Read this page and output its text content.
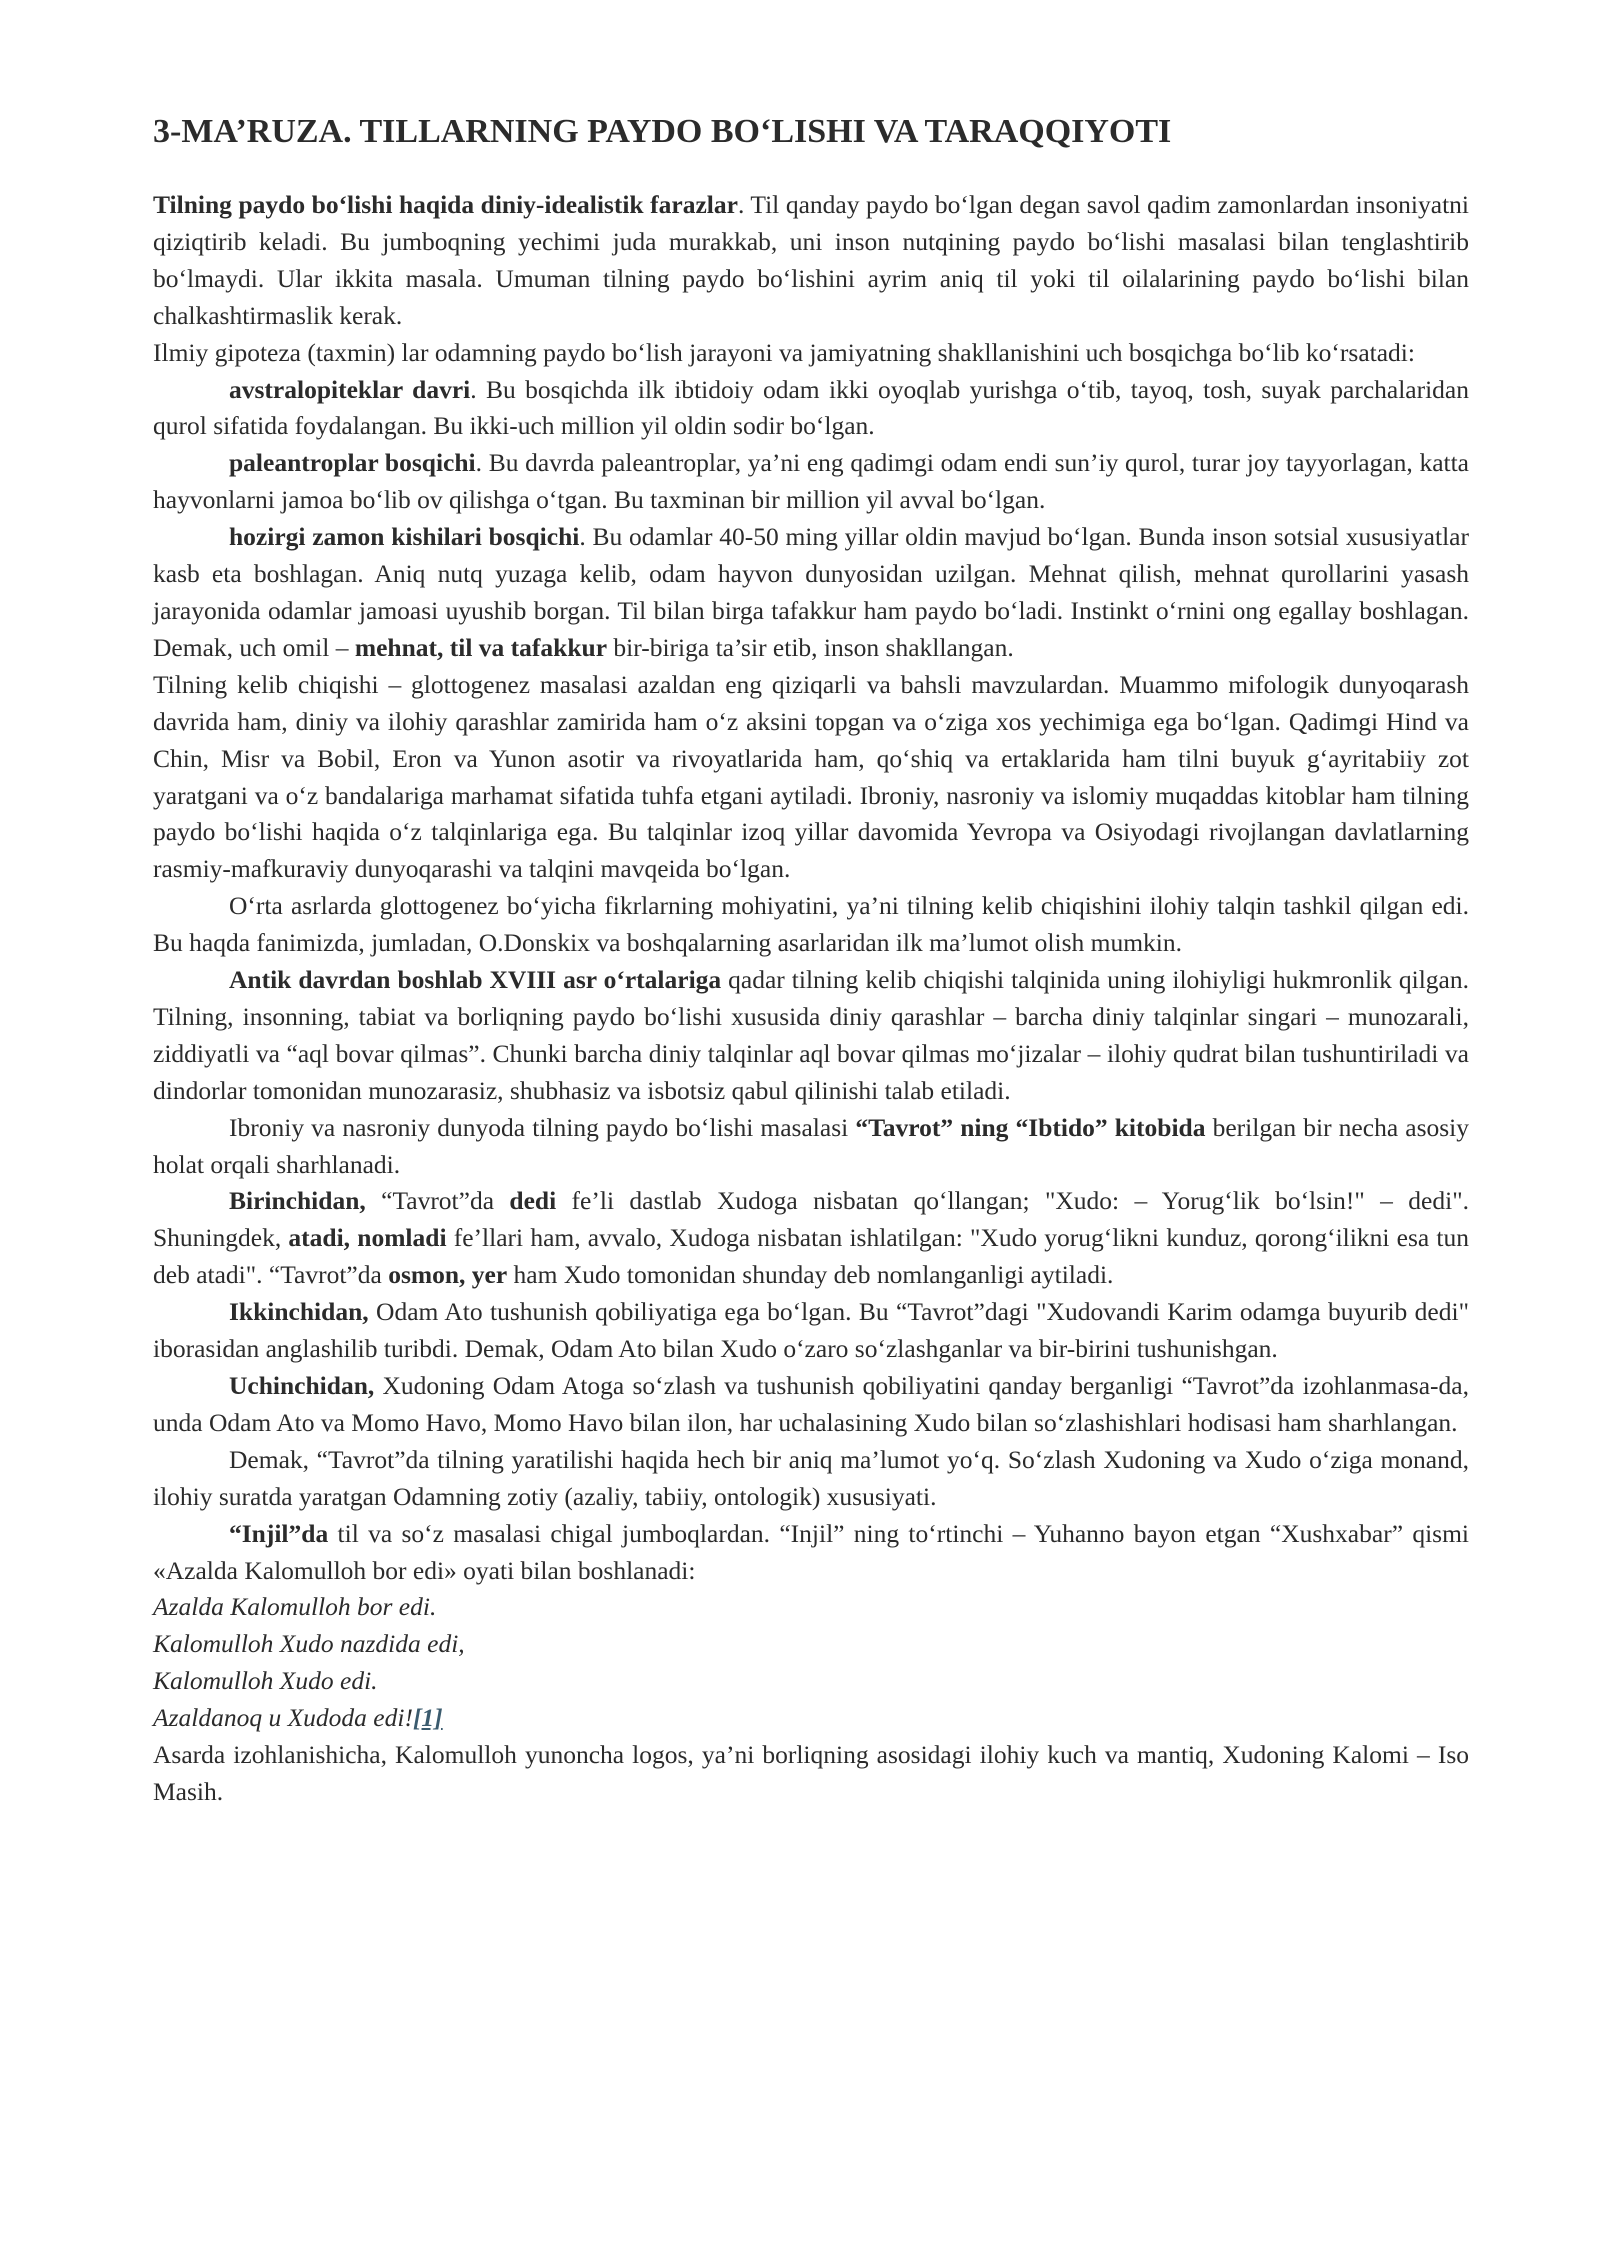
3-MA’RUZA. TILLARNING PAYDO BO‘LISHI VA TARAQQIYOTI

Tilning paydo bo‘lishi haqida diniy-idealistik farazlar. Til qanday paydo bo‘lgan degan savol qadim zamonlardan insoniyatni qiziqtirib keladi. Bu jumboqning yechimi juda murakkab, uni inson nutqining paydo bo‘lishi masalasi bilan tenglashtirib bo‘lmaydi. Ular ikkita masala. Umuman tilning paydo bo‘lishini ayrim aniq til yoki til oilalarining paydo bo‘lishi bilan chalkashtirmaslik kerak.

Ilmiy gipoteza (taxmin) lar odamning paydo bo‘lish jarayoni va jamiyatning shakllanishini uch bosqichga bo‘lib ko‘rsatadi:

avstralopiteklar davri. Bu bosqichda ilk ibtidoiy odam ikki oyoqlab yurishga o‘tib, tayoq, tosh, suyak parchalaridan qurol sifatida foydalangan. Bu ikki-uch million yil oldin sodir bo‘lgan.

paleantroplar bosqichi. Bu davrda paleantroplar, ya’ni eng qadimgi odam endi sun’iy qurol, turar joy tayyorlagan, katta hayvonlarni jamoa bo‘lib ov qilishga o‘tgan. Bu taxminan bir million yil avval bo‘lgan.

hozirgi zamon kishilari bosqichi. Bu odamlar 40-50 ming yillar oldin mavjud bo‘lgan. Bunda inson sotsial xususiyatlar kasb eta boshlagan. Aniq nutq yuzaga kelib, odam hayvon dunyosidan uzilgan. Mehnat qilish, mehnat qurollarini yasash jarayonida odamlar jamoasi uyushib borgan. Til bilan birga tafakkur ham paydo bo‘ladi. Instinkt o‘rnini ong egallay boshlagan. Demak, uch omil – mehnat, til va tafakkur bir-biriga ta’sir etib, inson shakllangan.

Tilning kelib chiqishi – glottogenez masalasi azaldan eng qiziqarli va bahsli mavzulardan. Muammo mifologik dunyoqarash davrida ham, diniy va ilohiy qarashlar zamirida ham o‘z aksini topgan va o‘ziga xos yechimiga ega bo‘lgan. Qadimgi Hind va Chin, Misr va Bobil, Eron va Yunon asotir va rivoyatlarida ham, qo‘shiq va ertaklarida ham tilni buyuk g‘ayritabiiy zot yaratgani va o‘z bandalariga marhamat sifatida tuhfa etgani aytiladi. Ibroniy, nasroniy va islomiy muqaddas kitoblar ham tilning paydo bo‘lishi haqida o‘z talqinlariga ega. Bu talqinlar izoq yillar davomida Yevropa va Osiyodagi rivojlangan davlatlarning rasmiy-mafkuraviy dunyoqarashi va talqini mavqeida bo‘lgan.

O‘rta asrlarda glottogenez bo‘yicha fikrlarning mohiyatini, ya’ni tilning kelib chiqishini ilohiy talqin tashkil qilgan edi. Bu haqda fanimizda, jumladan, O.Donskix va boshqalarning asarlaridan ilk ma’lumot olish mumkin.

Antik davrdan boshlab XVIII asr o‘rtalariga qadar tilning kelib chiqishi talqinida uning ilohiyligi hukmronlik qilgan. Tilning, insonning, tabiat va borliqning paydo bo‘lishi xususida diniy qarashlar – barcha diniy talqinlar singari – munozarali, ziddiyatli va “aql bovar qilmas”. Chunki barcha diniy talqinlar aql bovar qilmas mo‘jizalar – ilohiy qudrat bilan tushuntiriladi va dindorlar tomonidan munozarasiz, shubhasiz va isbotsiz qabul qilinishi talab etiladi.

Ibroniy va nasroniy dunyoda tilning paydo bo‘lishi masalasi “Tavrot” ning “Ibtido” kitobida berilgan bir necha asosiy holat orqali sharhlanadi.

Birinchidan, “Tavrot”da dedi fe’li dastlab Xudoga nisbatan qo‘llangan; "Xudo: – Yorug‘lik bo‘lsin!" – dedi". Shuningdek, atadi, nomladi fe’llari ham, avvalo, Xudoga nisbatan ishlatilgan: "Xudo yorug‘likni kunduz, qorong‘ilikni esa tun deb atadi". “Tavrot”da osmon, yer ham Xudo tomonidan shunday deb nomlanganligi aytiladi.

Ikkinchidan, Odam Ato tushunish qobiliyatiga ega bo‘lgan. Bu “Tavrot”dagi "Xudovandi Karim odamga buyurib dedi" iborasidan anglashilib turibdi. Demak, Odam Ato bilan Xudo o‘zaro so‘zlashganlar va bir-birini tushunishgan.

Uchinchidan, Xudoning Odam Atoga so‘zlash va tushunish qobiliyatini qanday berganligi “Tavrot”da izohlanmasa-da, unda Odam Ato va Momo Havo, Momo Havo bilan ilon, har uchalasining Xudo bilan so‘zlashishlari hodisasi ham sharhlangan.

Demak, “Tavrot”da tilning yaratilishi haqida hech bir aniq ma’lumot yo‘q. So‘zlash Xudoning va Xudo o‘ziga monand, ilohiy suratda yaratgan Odamning zotiy (azaliy, tabiiy, ontologik) xususiyati.

“Injil”da til va so‘z masalasi chigal jumboqlardan. “Injil” ning to‘rtinchi – Yuhanno bayon etgan “Xushxabar” qismi «Azalda Kalomulloh bor edi» oyati bilan boshlanadi:

Azalda Kalomulloh bor edi.

Kalomulloh Xudo nazdida edi,

Kalomulloh Xudo edi.

Azaldanoq u Xudoda edi![1]

Asarda izohlanishicha, Kalomulloh yunoncha logos, ya’ni borliqning asosidagi ilohiy kuch va mantiq, Xudoning Kalomi – Iso Masih.
